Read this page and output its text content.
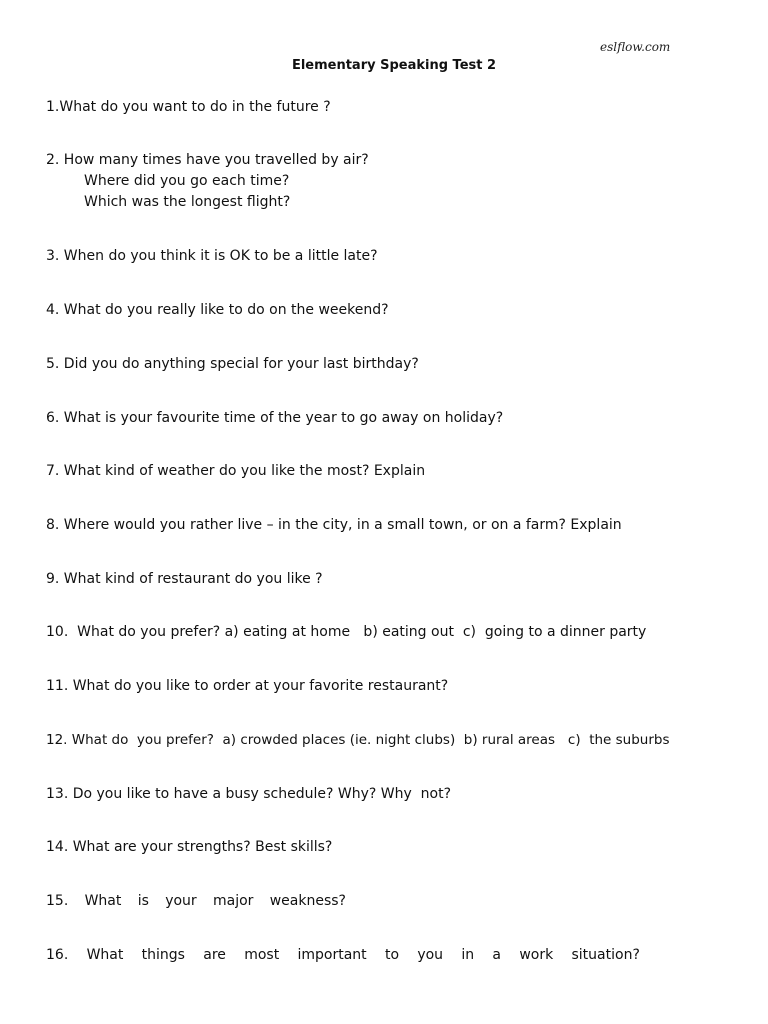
eslflow.com
Elementary Speaking Test 2
1.What do you want to do in the future ?
2. How many times have you travelled by air?
Where did you go each time?
Which was the longest flight?
3. When do you think it is OK to be a little late?
4. What do you really like to do on the weekend?
5. Did you do anything special for your last birthday?
6. What is your favourite time of the year to go away on holiday?
7. What kind of weather do you like the most? Explain
8. Where would you rather live – in the city, in a small town, or on a farm? Explain
9. What kind of restaurant do you like ?
10.  What do you prefer? a) eating at home   b) eating out  c)  going to a dinner party
11. What do you like to order at your favorite restaurant?
12. What do  you prefer?  a) crowded places (ie. night clubs)  b) rural areas   c)  the suburbs
13. Do you like to have a busy schedule? Why? Why  not?
14. What are your strengths? Best skills?
15. What is your major weakness?
16. What things are most important to you in a work situation?
